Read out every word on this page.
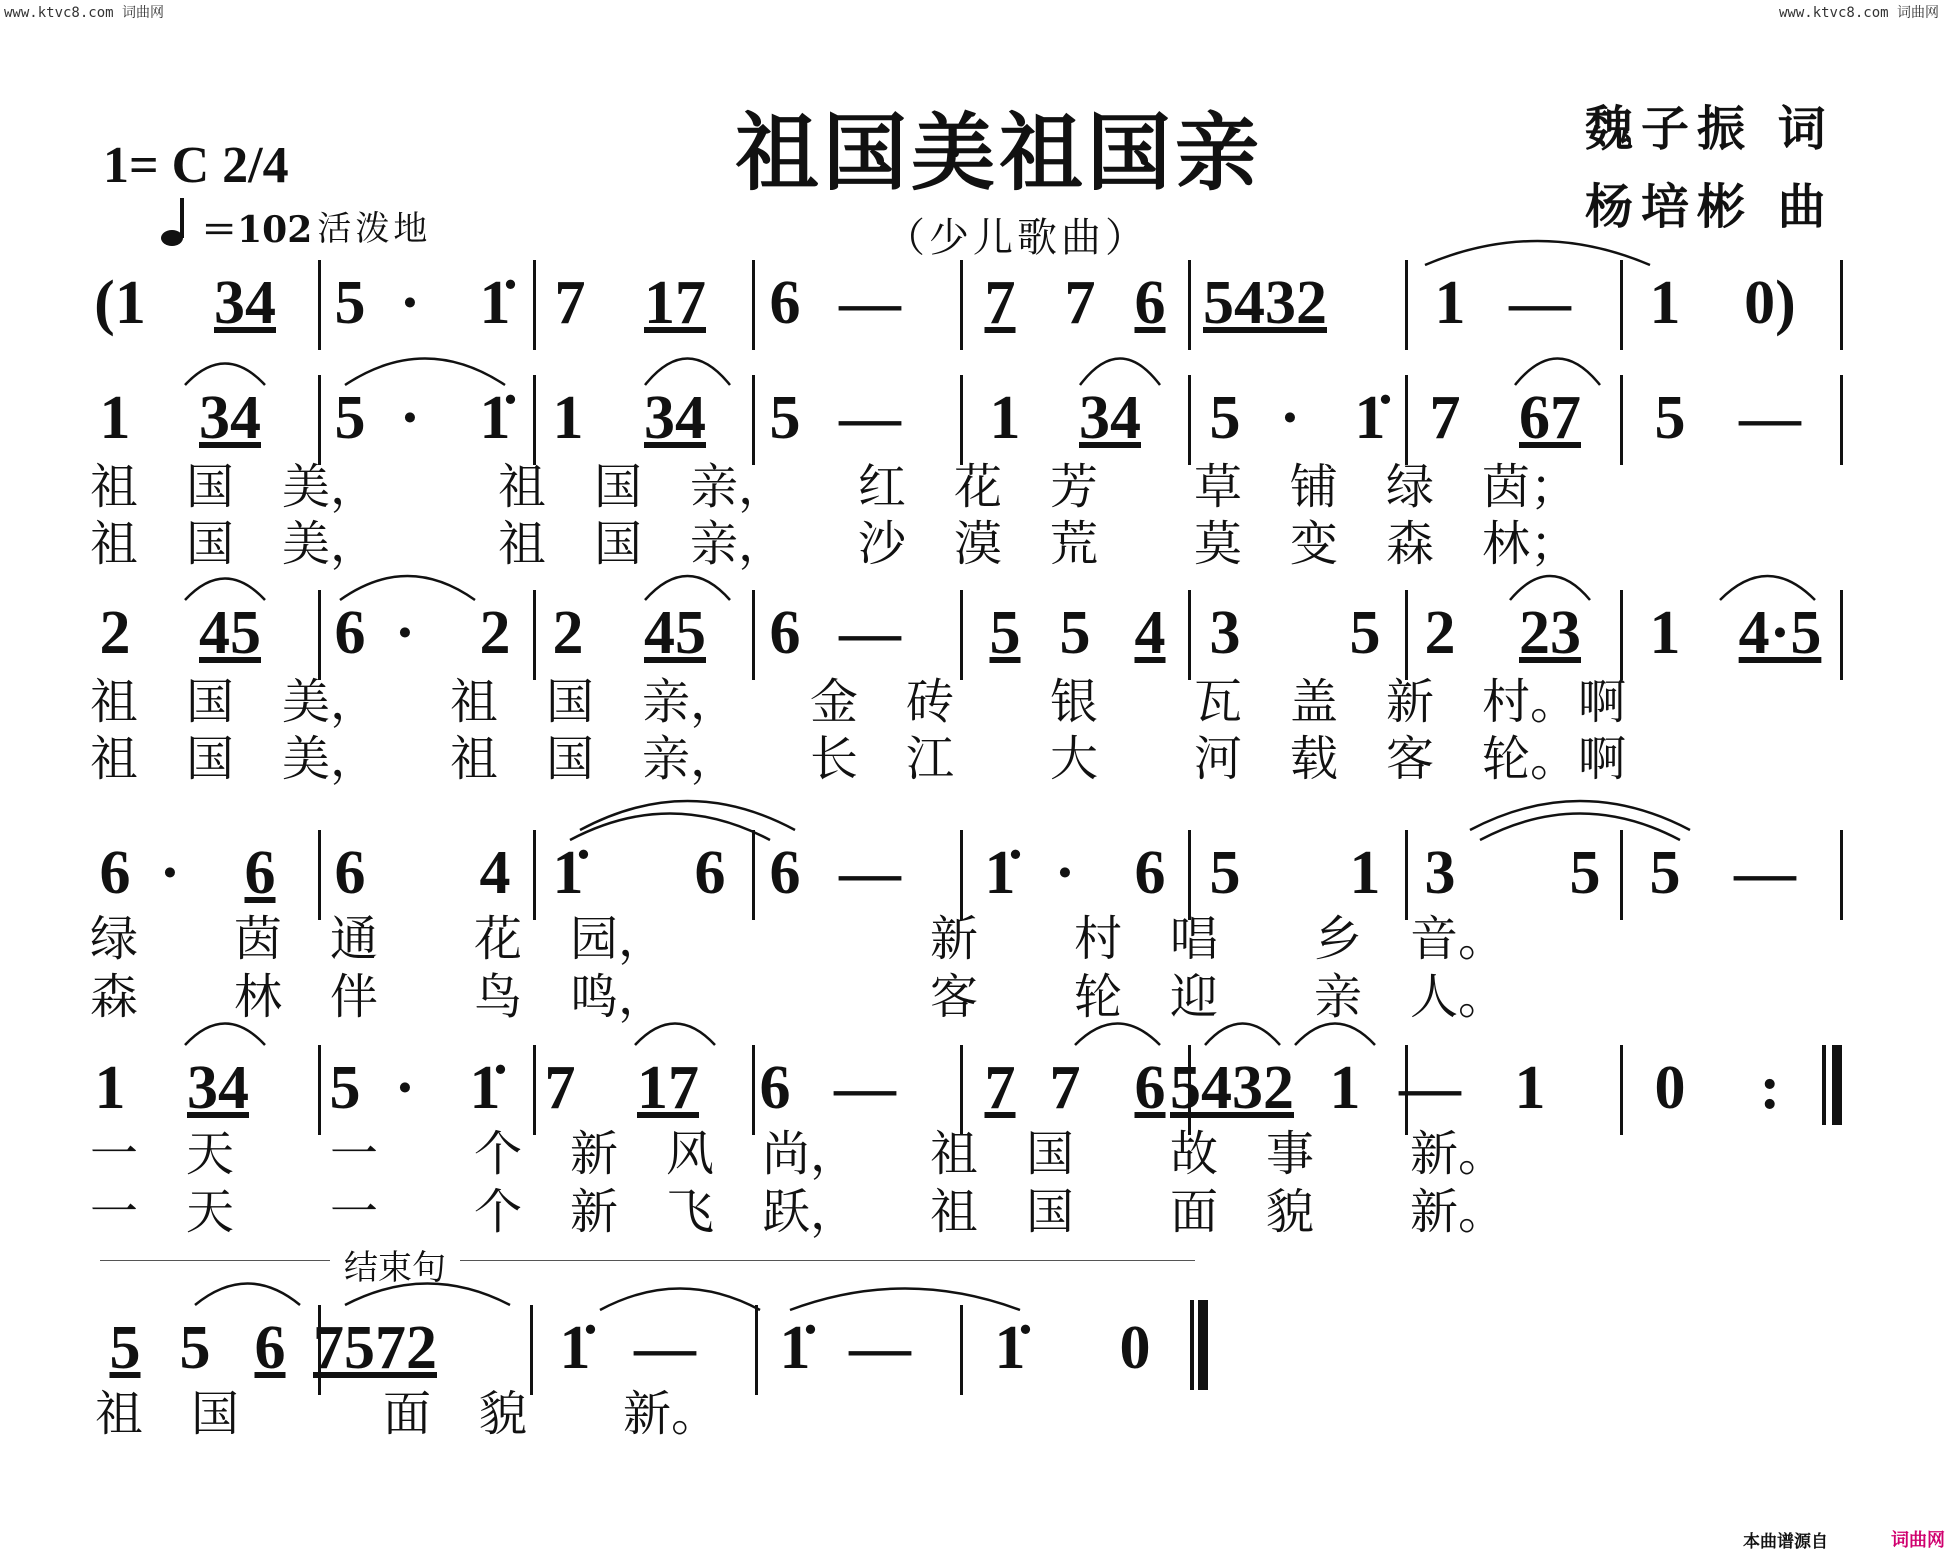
www.ktvc8.com 词曲网	www.ktvc8.com 词曲网
祖国美祖国亲
（少儿歌曲）
1= C 2/4
＝102 活泼地
魏子振 词
杨培彬 曲
(1 34 5 · 1̇ 7 17 6 — 7 7 6 5432 1 — 1 0)
1 34 5 · 1̇ 1 34 5 — 1 34 5 · 1̇ 7 67 5 —
祖　国　美，　　　祖　国　亲，　　红　花　芳　　草　铺　绿　茵；
祖　国　美，　　　祖　国　亲，　　沙　漠　荒　　莫　变　森　林；
2 45 6 · 2 2 45 6 — 5 5 4 3 5 2 23 1 4·5
祖　国　美，　　祖　国　亲，　　金　砖　　银　　瓦　盖　新　村。啊
祖　国　美，　　祖　国　亲，　　长　江　　大　　河　载　客　轮。啊
6 · 6 6 4 1̇ 6 6 — 1̇ · 6 5 1 3 5 5 —
绿　　茵　通　　花　园，　　　　　　新　　村　唱　　乡　音。
森　　林　伴　　鸟　鸣，　　　　　　客　　轮　迎　　亲　人。
1 34 5 · 1̇ 7 17 6 — 7 7 6 5432 1 — 1 0 :
一　天　　一　　个　新　风　尚，　　祖　国　　故　事　　新。
一　天　　一　　个　新　飞　跃，　　祖　国　　面　貌　　新。
结束句
5 5 6 7572 1̇ — 1̇ — 1̇ 0
祖　国　　　面　貌　　新。
本曲谱源自	词曲网
